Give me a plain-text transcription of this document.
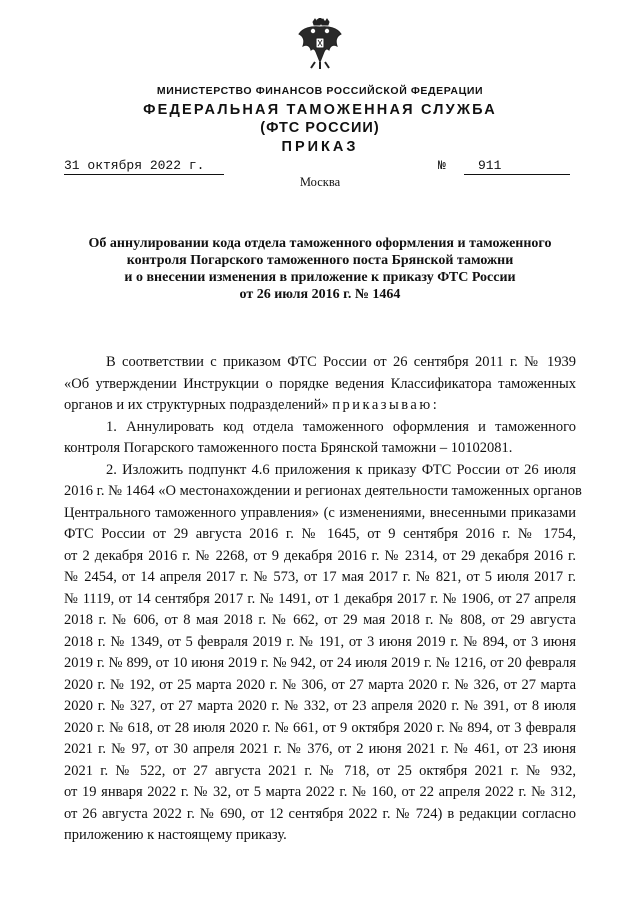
МИНИСТЕРСТВО ФИНАНСОВ РОССИЙСКОЙ ФЕДЕРАЦИИ
ФЕДЕРАЛЬНАЯ ТАМОЖЕННАЯ СЛУЖБА
(ФТС РОССИИ)
ПРИКАЗ
31 октября 2022 г.	№	911
Москва
Об аннулировании кода отдела таможенного оформления и таможенного
контроля Погарского таможенного поста Брянской таможни
и о внесении изменения в приложение к приказу ФТС России
от 26 июля 2016 г. № 1464
В соответствии с приказом ФТС России от 26 сентября 2011 г. № 1939
«Об утверждении Инструкции о порядке ведения Классификатора таможенных
органов и их структурных подразделений» приказываю:
1. Аннулировать код отдела таможенного оформления и таможенного
контроля Погарского таможенного поста Брянской таможни – 10102081.
2. Изложить подпункт 4.6 приложения к приказу ФТС России от 26 июля
2016 г. № 1464 «О местонахождении и регионах деятельности таможенных органов
Центрального таможенного управления» (с изменениями, внесенными приказами
ФТС России от 29 августа 2016 г. № 1645, от 9 сентября 2016 г. № 1754,
от 2 декабря 2016 г. № 2268, от 9 декабря 2016 г. № 2314, от 29 декабря 2016 г.
№ 2454, от 14 апреля 2017 г. № 573, от 17 мая 2017 г. № 821, от 5 июля 2017 г.
№ 1119, от 14 сентября 2017 г. № 1491, от 1 декабря 2017 г. № 1906, от 27 апреля
2018 г. № 606, от 8 мая 2018 г. № 662, от 29 мая 2018 г. № 808, от 29 августа
2018 г. № 1349, от 5 февраля 2019 г. № 191, от 3 июня 2019 г. № 894, от 3 июня
2019 г. № 899, от 10 июня 2019 г. № 942, от 24 июля 2019 г. № 1216, от 20 февраля
2020 г. № 192, от 25 марта 2020 г. № 306, от 27 марта 2020 г. № 326, от 27 марта
2020 г. № 327, от 27 марта 2020 г. № 332, от 23 апреля 2020 г. № 391, от 8 июля
2020 г. № 618, от 28 июля 2020 г. № 661, от 9 октября 2020 г. № 894, от 3 февраля
2021 г. № 97, от 30 апреля 2021 г. № 376, от 2 июня 2021 г. № 461, от 23 июня
2021 г. № 522, от 27 августа 2021 г. № 718, от 25 октября 2021 г. № 932,
от 19 января 2022 г. № 32, от 5 марта 2022 г. № 160, от 22 апреля 2022 г. № 312,
от 26 августа 2022 г. № 690, от 12 сентября 2022 г. № 724) в редакции согласно
приложению к настоящему приказу.
